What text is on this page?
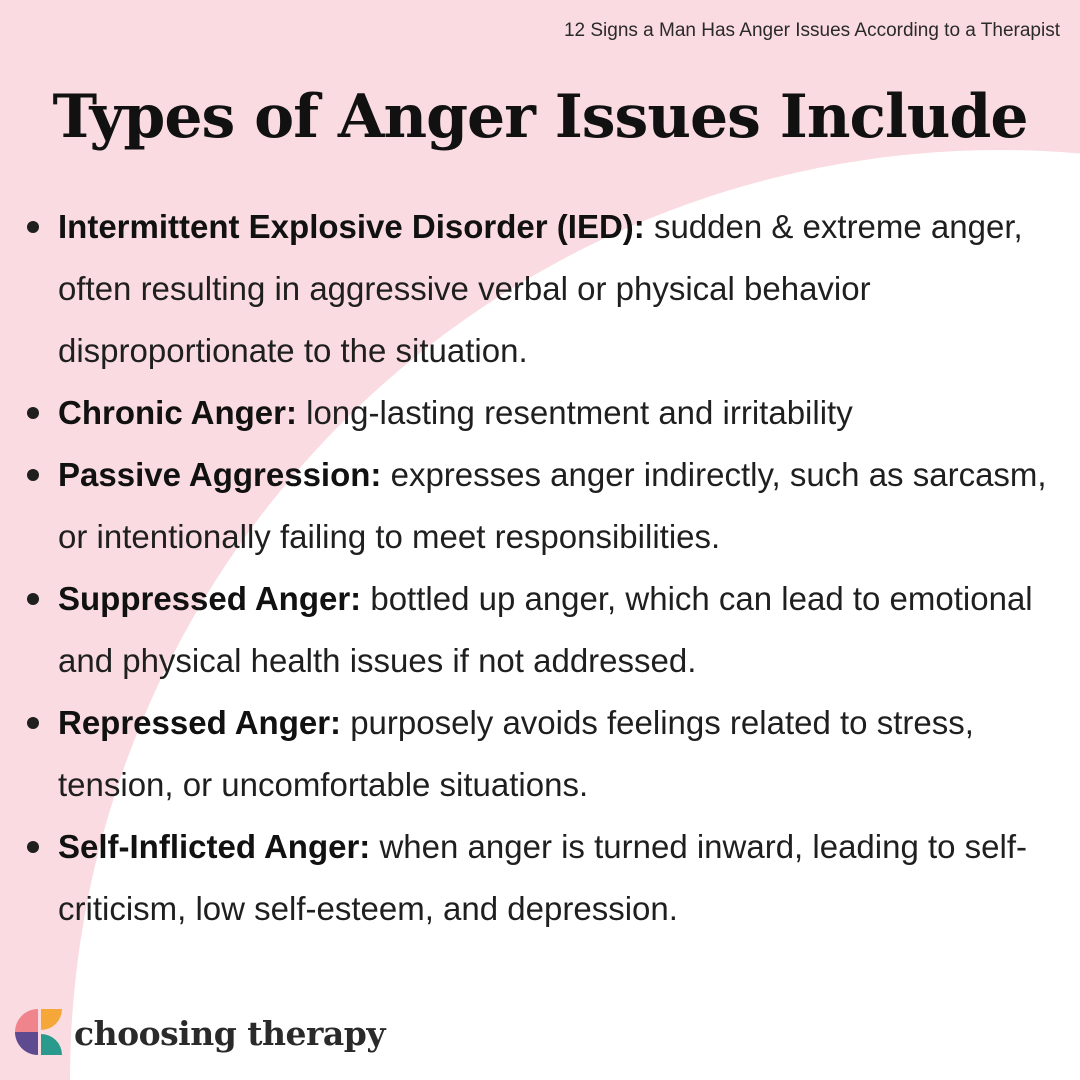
12 Signs a Man Has Anger Issues According to a Therapist
Types of Anger Issues Include
Intermittent Explosive Disorder (IED): sudden & extreme anger, often resulting in aggressive verbal or physical behavior disproportionate to the situation.
Chronic Anger: long-lasting resentment and irritability
Passive Aggression: expresses anger indirectly, such as sarcasm, or intentionally failing to meet responsibilities.
Suppressed Anger: bottled up anger, which can lead to emotional and physical health issues if not addressed.
Repressed Anger: purposely avoids feelings related to stress, tension, or uncomfortable situations.
Self-Inflicted Anger: when anger is turned inward, leading to self-criticism, low self-esteem, and depression.
choosing therapy
